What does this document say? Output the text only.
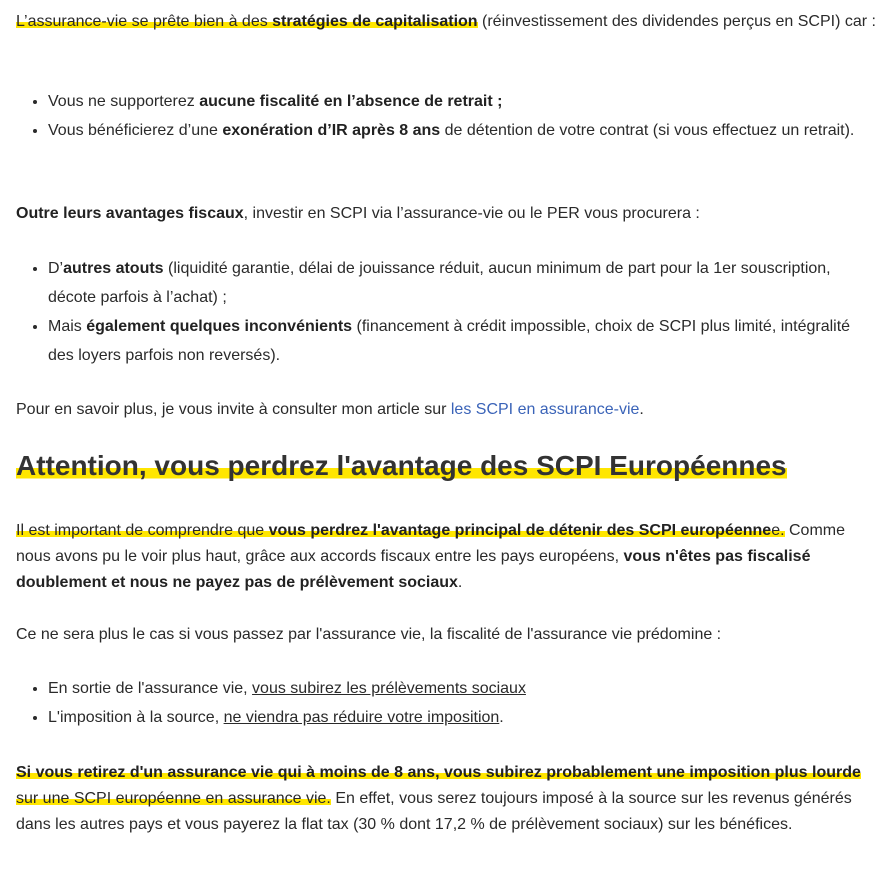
L’assurance-vie se prête bien à des stratégies de capitalisation (réinvestissement des dividendes perçus en SCPI) car :

• Vous ne supporterez aucune fiscalité en l’absence de retrait ;
• Vous bénéficierez d’une exonération d’IR après 8 ans de détention de votre contrat (si vous effectuez un retrait).

Outre leurs avantages fiscaux, investir en SCPI via l’assurance-vie ou le PER vous procurera :

• D’autres atouts (liquidité garantie, délai de jouissance réduit, aucun minimum de part pour la 1er souscription, décote parfois à l’achat) ;
• Mais également quelques inconvénients (financement à crédit impossible, choix de SCPI plus limité, intégralité des loyers parfois non reversés).

Pour en savoir plus, je vous invite à consulter mon article sur les SCPI en assurance-vie.

Attention, vous perdrez l'avantage des SCPI Européennes

Il est important de comprendre que vous perdrez l'avantage principal de détenir des SCPI européennee. Comme nous avons pu le voir plus haut, grâce aux accords fiscaux entre les pays européens, vous n'êtes pas fiscalisé doublement et nous ne payez pas de prélèvement sociaux.

Ce ne sera plus le cas si vous passez par l'assurance vie, la fiscalité de l'assurance vie prédomine :

• En sortie de l'assurance vie, vous subirez les prélèvements sociaux
• L'imposition à la source, ne viendra pas réduire votre imposition.

Si vous retirez d'un assurance vie qui à moins de 8 ans, vous subirez probablement une imposition plus lourde sur une SCPI européenne en assurance vie. En effet, vous serez toujours imposé à la source sur les revenus générés dans les autres pays et vous payerez la flat tax (30 % dont 17,2 % de prélèvement sociaux) sur les bénéfices.
